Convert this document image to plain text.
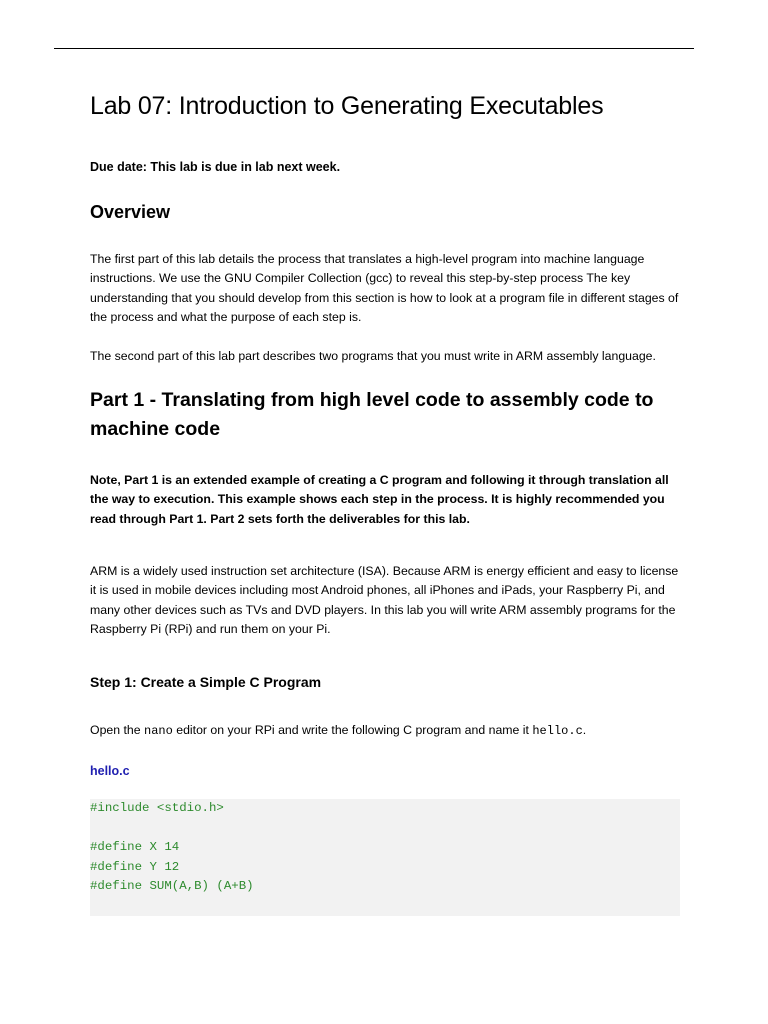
Lab 07: Introduction to Generating Executables

Due date: This lab is due in lab next week.

Overview

The first part of this lab details the process that translates a high-level program into machine language instructions. We use the GNU Compiler Collection (gcc) to reveal this step-by-step process The key understanding that you should develop from this section is how to look at a program file in different stages of the process and what the purpose of each step is.

The second part of this lab part describes two programs that you must write in ARM assembly language.

Part 1 - Translating from high level code to assembly code to machine code

Note, Part 1 is an extended example of creating a C program and following it through translation all the way to execution. This example shows each step in the process. It is highly recommended you read through Part 1. Part 2 sets forth the deliverables for this lab.

ARM is a widely used instruction set architecture (ISA). Because ARM is energy efficient and easy to license it is used in mobile devices including most Android phones, all iPhones and iPads, your Raspberry Pi, and many other devices such as TVs and DVD players. In this lab you will write ARM assembly programs for the Raspberry Pi (RPi) and run them on your Pi.

Step 1: Create a Simple C Program

Open the nano editor on your RPi and write the following C program and name it hello.c.

hello.c

#include <stdio.h>
#define X 14
#define Y 12
#define SUM(A,B) (A+B)
